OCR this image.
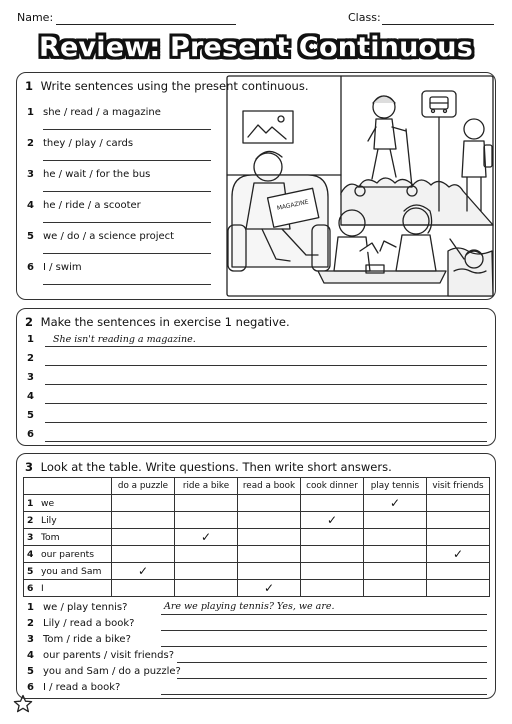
Name:	Class:
Review: Present Continuous
1 Write sentences using the present continuous.
1 she / read / a magazine
2 they / play / cards
3 he / wait / for the bus
4 he / ride / a scooter
5 we / do / a science project
6 I / swim
MAGAZINE
2 Make the sentences in exercise 1 negative.
1	She isn't reading a magazine.
2
3
4
5
6
3 Look at the table. Write questions. Then write short answers.
	do a puzzle	ride a bike	read a book	cook dinner	play tennis	visit friends
1 we					✓	
2 Lily				✓		
3 Tom		✓				
4 our parents						✓
5 you and Sam	✓					
6 I			✓			
1 we / play tennis?	Are we playing tennis? Yes, we are.
2 Lily / read a book?
3 Tom / ride a bike?
4 our parents / visit friends?
5 you and Sam / do a puzzle?
6 I / read a book?
